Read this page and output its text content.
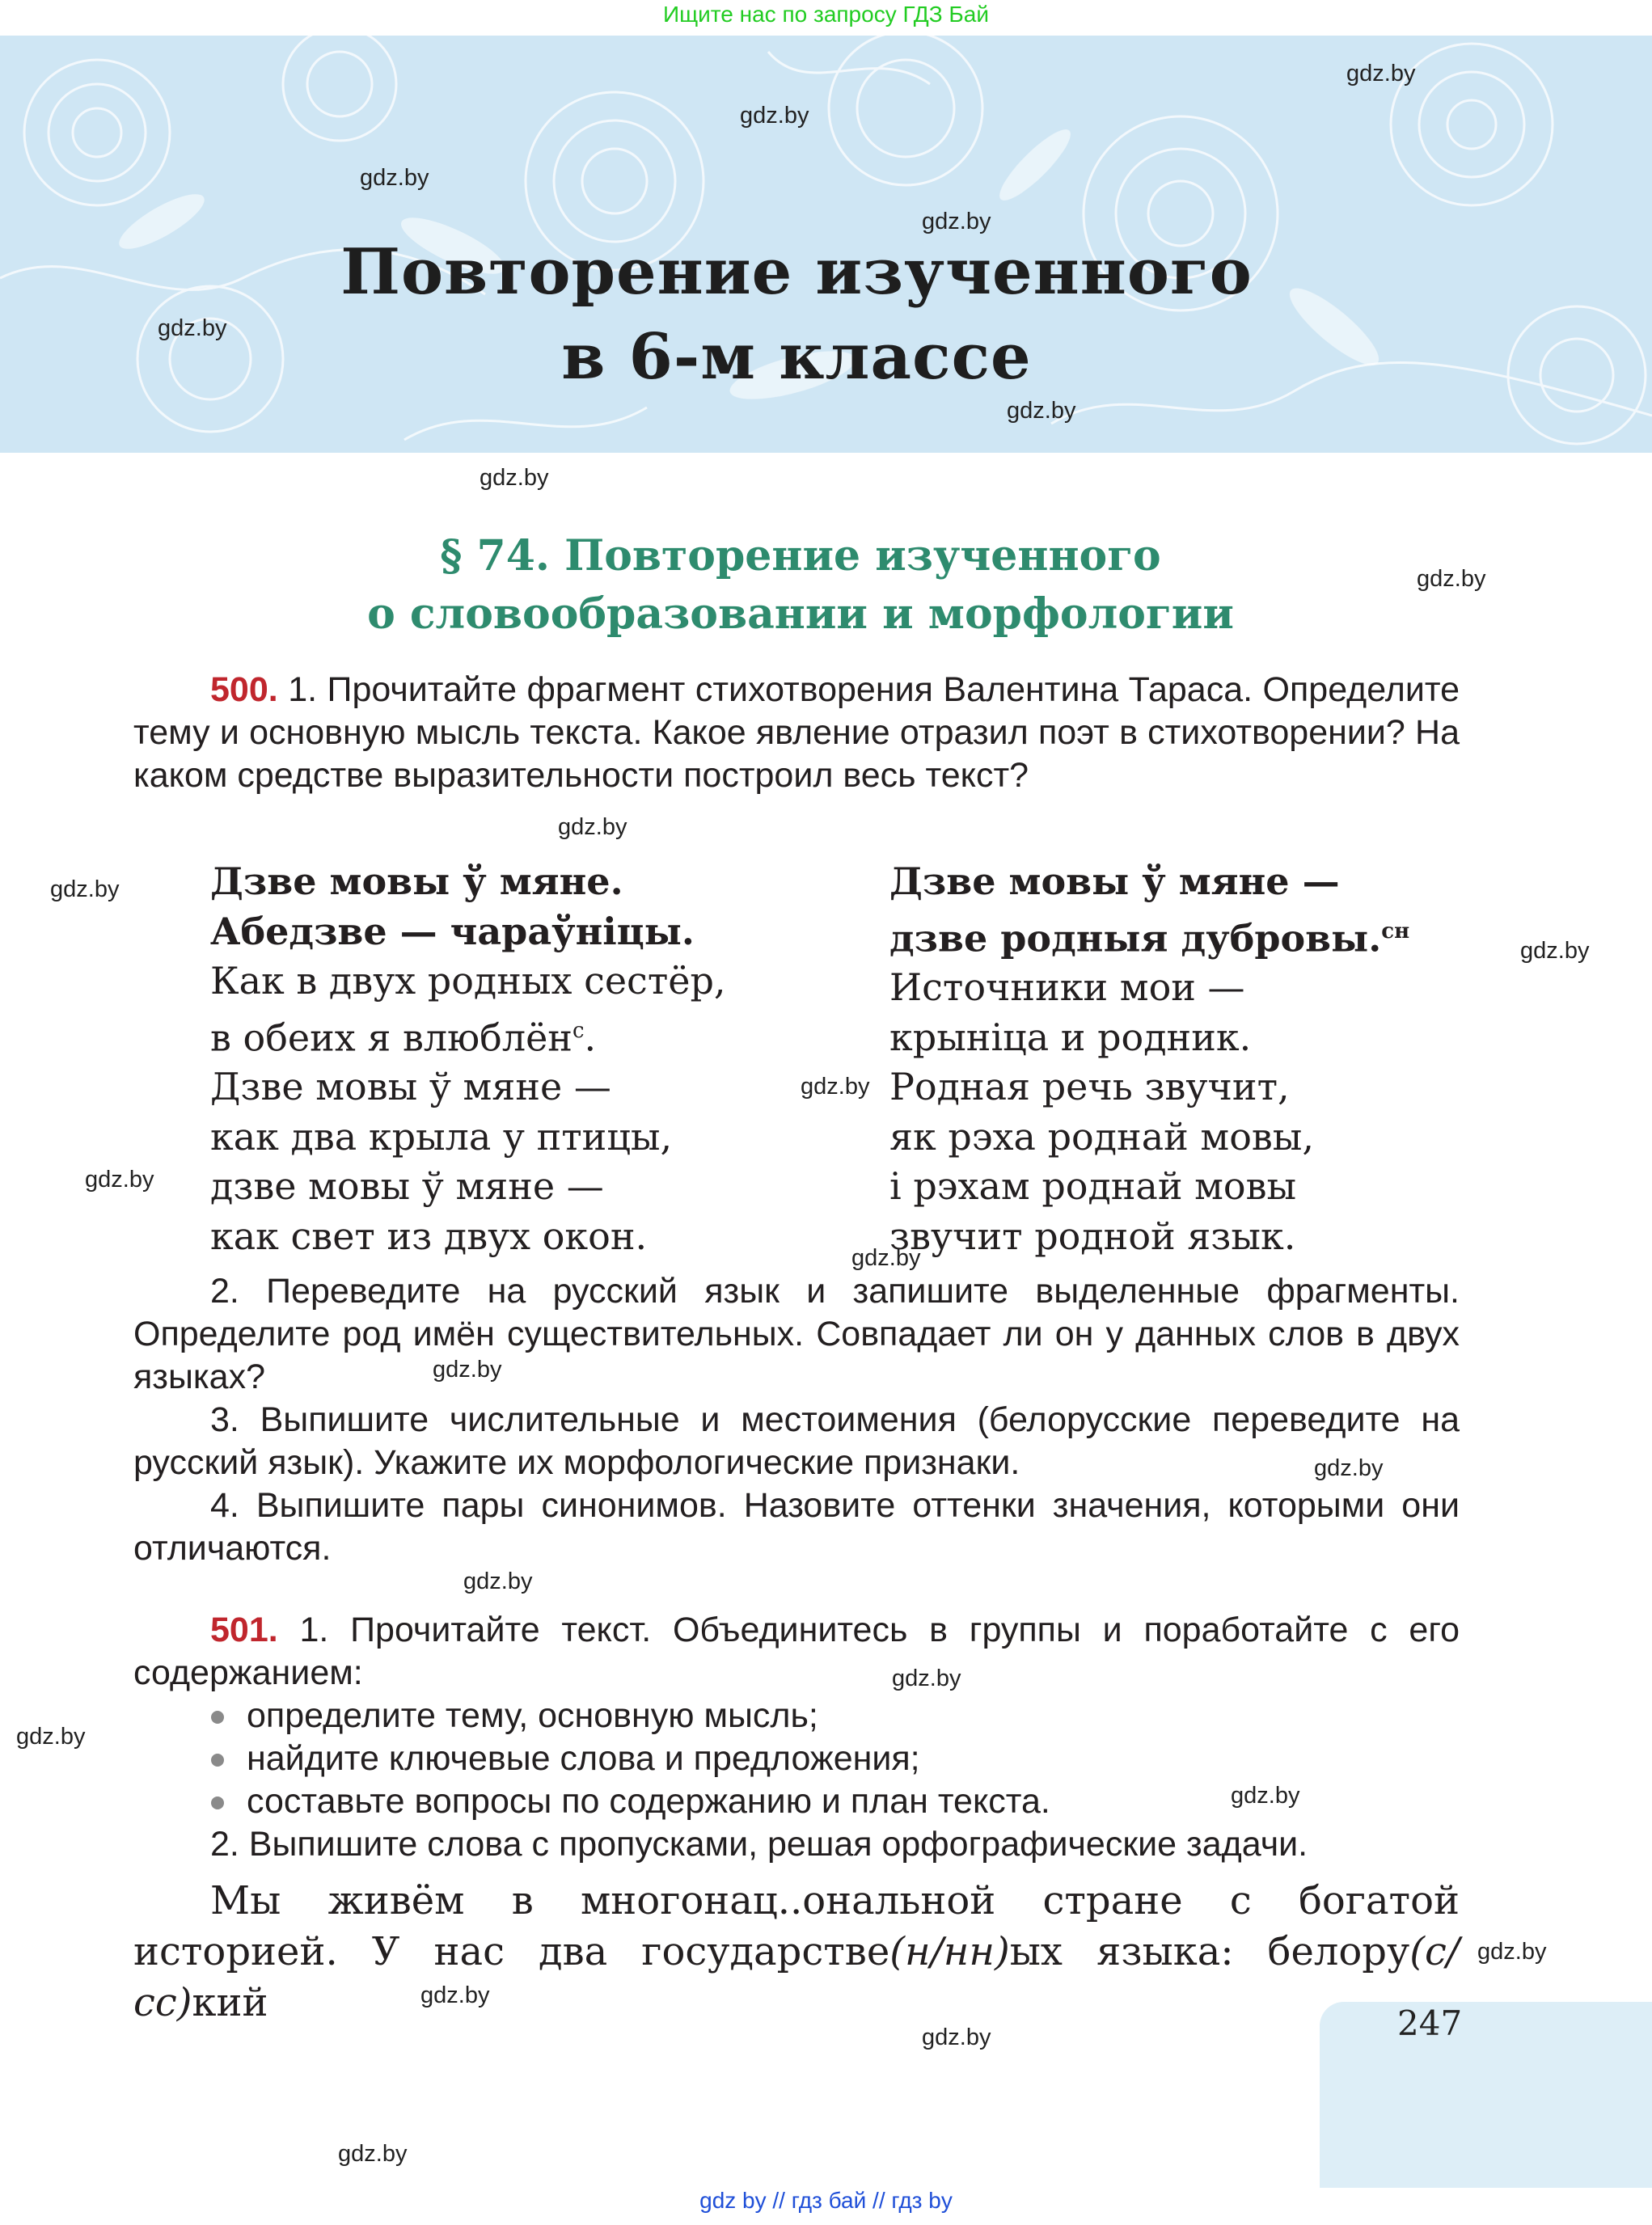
Ищите нас по запросу ГДЗ Бай
Повторение изученного
в 6-м классе
gdz.by
gdz.by
gdz.by
gdz.by
gdz.by
gdz.by
gdz.by
gdz.by
gdz.by
gdz.by
gdz.by
gdz.by
gdz.by
gdz.by
gdz.by
gdz.by
gdz.by
gdz.by
gdz.by
gdz.by
gdz.by
gdz.by
gdz.by
gdz.by
§ 74. Повторение изученного
о словообразовании и морфологии
500. 1. Прочитайте фрагмент стихотворения Валентина Тараса. Определите тему и основную мысль текста. Какое явление отразил поэт в стихотворении? На каком средстве выразительности построил весь текст?
Дзве мовы ў мяне.
Абедзве — чараўніцы.
Как в двух родных сестёр,
в обеих я влюблён$^с$.
Дзве мовы ў мяне —
как два крыла у птицы,
дзве мовы ў мяне —
как свет из двух окон.
Дзве мовы ў мяне —
дзве родныя дубровы.$^{сн}$
Источники мои —
крыніца и родник.
Родная речь звучит,
як рэха роднай мовы,
і рэхам роднай мовы
звучит родной язык.
2. Переведите на русский язык и запишите выделенные фрагменты. Определите род имён существительных. Совпадает ли он у данных слов в двух языках?
3. Выпишите числительные и местоимения (белорусские переведите на русский язык). Укажите их морфологические признаки.
4. Выпишите пары синонимов. Назовите оттенки значения, которыми они отличаются.
501. 1. Прочитайте текст. Объединитесь в группы и поработайте с его содержанием:
определите тему, основную мысль;
найдите ключевые слова и предложения;
составьте вопросы по содержанию и план текста.
2. Выпишите слова с пропусками, решая орфографические задачи.
Мы живём в многонац..ональной стране с богатой историей. У нас два государстве(н/нн)ых языка: белору(с/сс)кий	247
gdz by // гдз бай // гдз by
